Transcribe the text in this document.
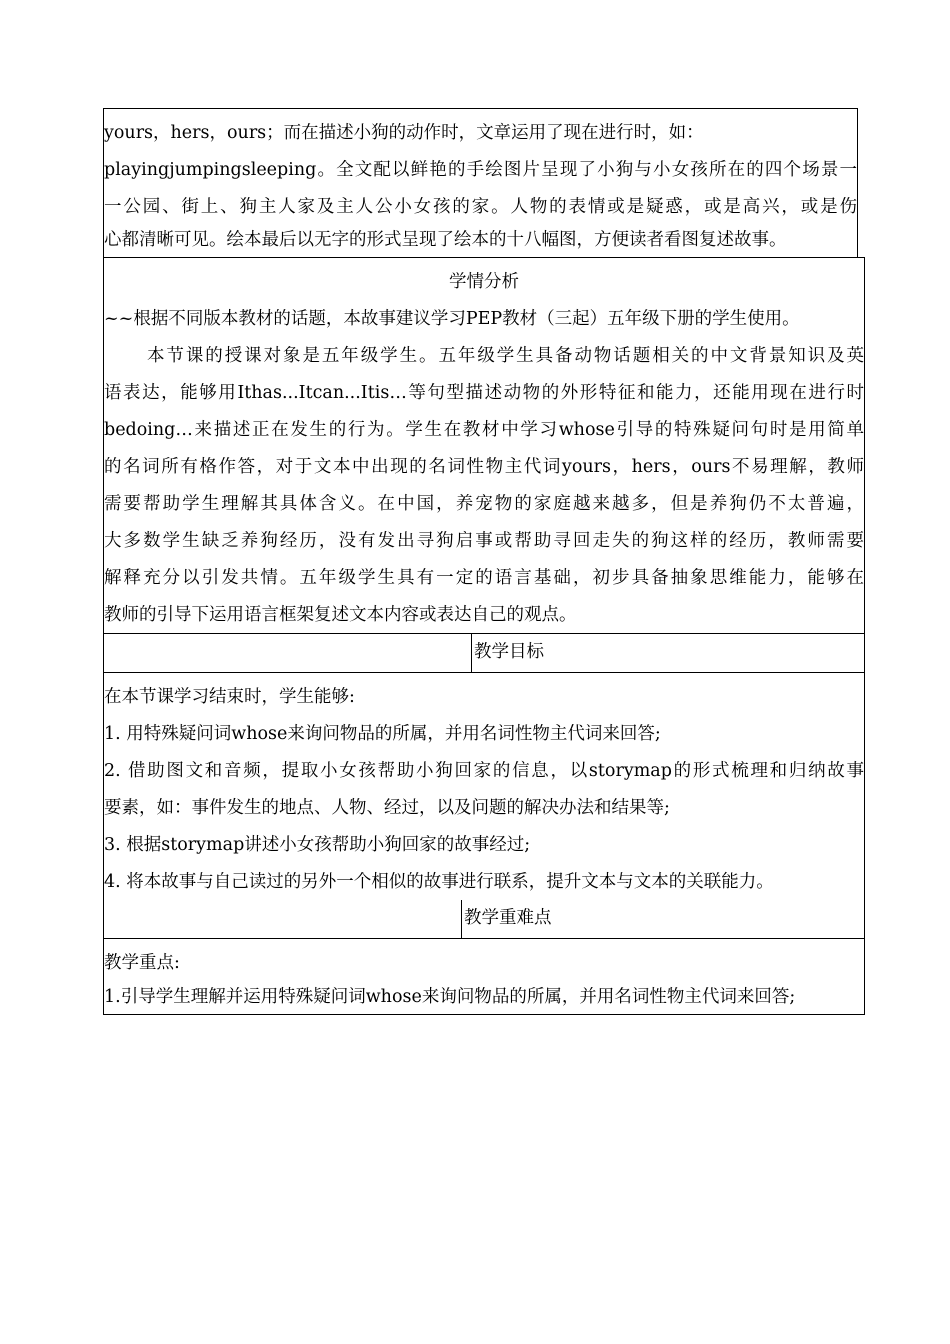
yours，hers，ours；而在描述小狗的动作时，文章运用了现在进行时，如：
playingjumpingsleeping。全文配以鲜艳的手绘图片呈现了小狗与小女孩所在的四个场景一
一公园、街上、狗主人家及主人公小女孩的家。人物的表情或是疑惑，或是高兴，或是伤
心都清晰可见。绘本最后以无字的形式呈现了绘本的十八幅图，方便读者看图复述故事。
学情分析
~~根据不同版本教材的话题，本故事建议学习PEP教材（三起）五年级下册的学生使用。
本节课的授课对象是五年级学生。五年级学生具备动物话题相关的中文背景知识及英
语表达，能够用Ithas...Itcan...Itis…等句型描述动物的外形特征和能力，还能用现在进行时
bedoing…来描述正在发生的行为。学生在教材中学习whose引导的特殊疑问句时是用简单
的名词所有格作答，对于文本中出现的名词性物主代词yours，hers，ours不易理解，教师
需要帮助学生理解其具体含义。在中国，养宠物的家庭越来越多，但是养狗仍不太普遍，
大多数学生缺乏养狗经历，没有发出寻狗启事或帮助寻回走失的狗这样的经历，教师需要
解释充分以引发共情。五年级学生具有一定的语言基础，初步具备抽象思维能力，能够在
教师的引导下运用语言框架复述文本内容或表达自己的观点。
教学目标
在本节课学习结束时，学生能够:
1. 用特殊疑问词whose来询问物品的所属，并用名词性物主代词来回答;
2. 借助图文和音频，提取小女孩帮助小狗回家的信息，以storymap的形式梳理和归纳故事
要素，如：事件发生的地点、人物、经过，以及问题的解决办法和结果等;
3. 根据storymap讲述小女孩帮助小狗回家的故事经过;
4. 将本故事与自己读过的另外一个相似的故事进行联系，提升文本与文本的关联能力。
教学重难点
教学重点:
1.引导学生理解并运用特殊疑问词whose来询问物品的所属，并用名词性物主代词来回答;
